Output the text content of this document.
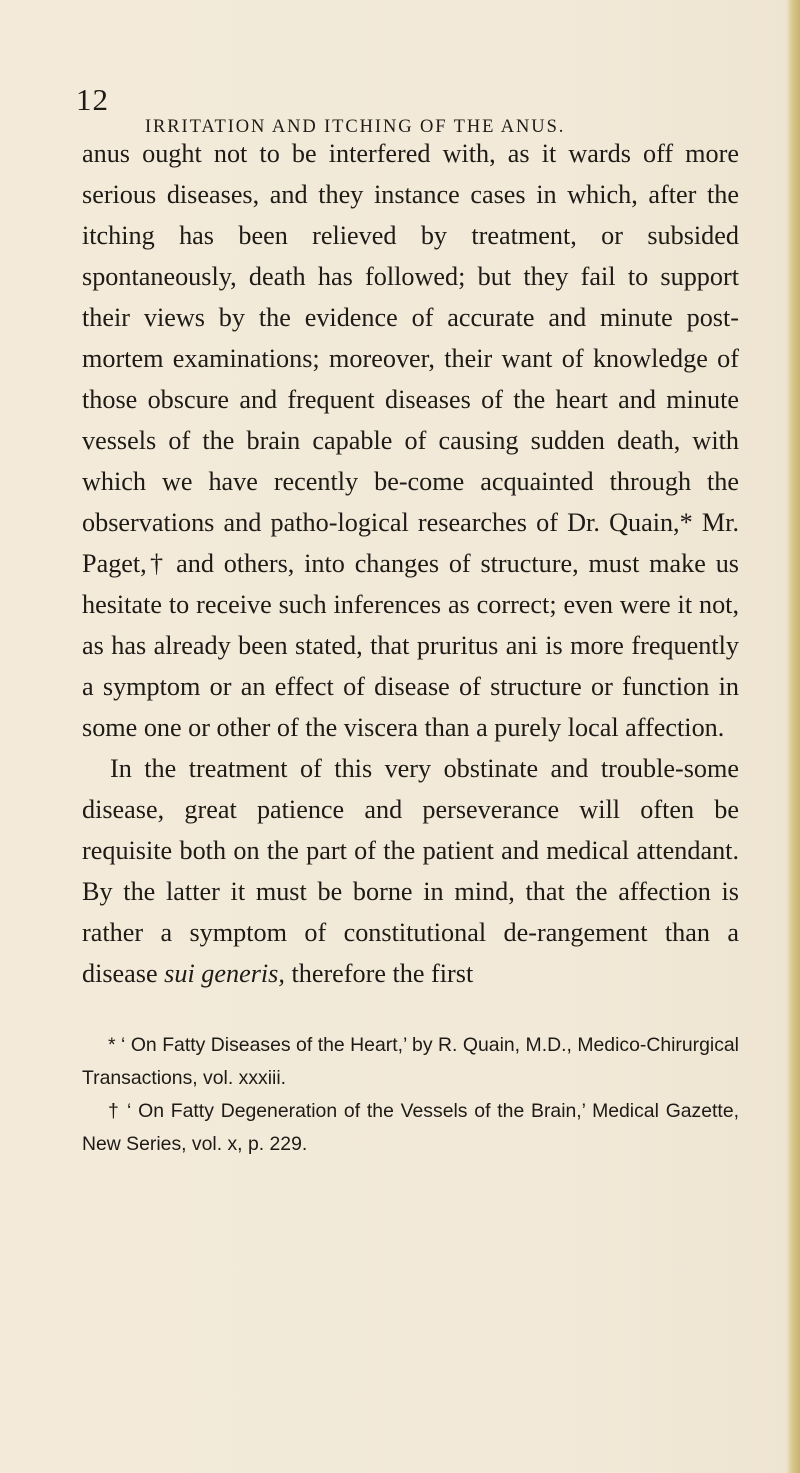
12
IRRITATION AND ITCHING OF THE ANUS.

anus ought not to be interfered with, as it wards off more serious diseases, and they instance cases in which, after the itching has been relieved by treatment, or subsided spontaneously, death has followed; but they fail to support their views by the evidence of accurate and minute post-mortem examinations; moreover, their want of knowledge of those obscure and frequent diseases of the heart and minute vessels of the brain capable of causing sudden death, with which we have recently be-come acquainted through the observations and patho-logical researches of Dr. Quain,* Mr. Paget,† and others, into changes of structure, must make us hesitate to receive such inferences as correct; even were it not, as has already been stated, that pruritus ani is more frequently a symptom or an effect of disease of structure or function in some one or other of the viscera than a purely local affection.

In the treatment of this very obstinate and trouble-some disease, great patience and perseverance will often be requisite both on the part of the patient and medical attendant. By the latter it must be borne in mind, that the affection is rather a symptom of constitutional de-rangement than a disease sui generis, therefore the first

* ‘ On Fatty Diseases of the Heart,’ by R. Quain, M.D., Medico-Chirurgical Transactions, vol. xxxiii.

† ‘ On Fatty Degeneration of the Vessels of the Brain,’ Medical Gazette, New Series, vol. x, p. 229.
